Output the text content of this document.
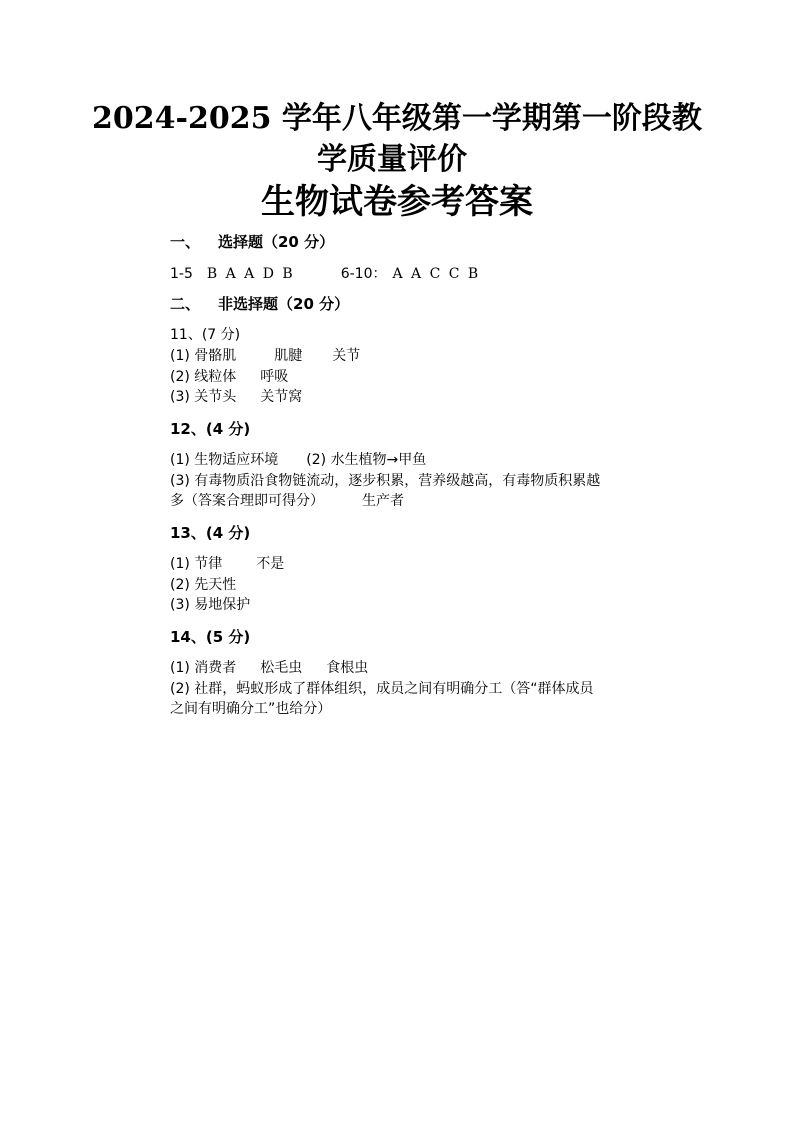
2024-2025 学年八年级第一学期第一阶段教
学质量评价
生物试卷参考答案
一、 选择题（20 分）
1-5 B A A D B	6-10： A A C C B
二、 非选择题（20 分）
11、(7 分)
(1) 骨骼肌	肌腱 关节
(2) 线粒体 呼吸
(3) 关节头 关节窝
12、(4 分)
(1) 生物适应环境 (2) 水生植物→甲鱼
(3) 有毒物质沿食物链流动，逐步积累，营养级越高，有毒物质积累越
多（答案合理即可得分）	生产者
13、(4 分)
(1) 节律 不是
(2) 先天性
(3) 易地保护
14、(5 分)
(1) 消费者 松毛虫 食根虫
(2) 社群，蚂蚁形成了群体组织，成员之间有明确分工（答“群体成员
之间有明确分工”也给分）
